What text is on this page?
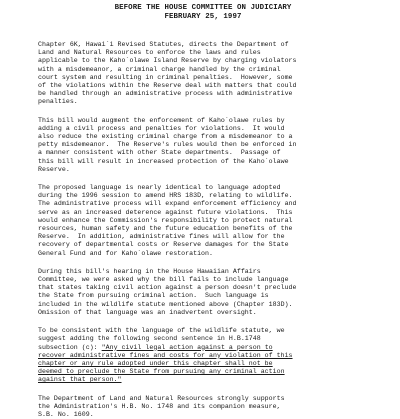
BEFORE THE HOUSE COMMITTEE ON JUDICIARY
FEBRUARY 25, 1997

Chapter 6K, Hawai`i Revised Statutes, directs the Department of
Land and Natural Resources to enforce the laws and rules
applicable to the Kaho`olawe Island Reserve by charging violators
with a misdemeanor, a criminal charge handled by the criminal
court system and resulting in criminal penalties.  However, some
of the violations within the Reserve deal with matters that could
be handled through an administrative process with administrative
penalties.

This bill would augment the enforcement of Kaho`olawe rules by
adding a civil process and penalties for violations.  It would
also reduce the existing criminal charge from a misdemeanor to a
petty misdemeanor.  The Reserve's rules would then be enforced in
a manner consistent with other State departments.  Passage of
this bill will result in increased protection of the Kaho`olawe
Reserve.

The proposed language is nearly identical to language adopted
during the 1996 session to amend HRS 183D, relating to wildlife.
The administrative process will expand enforcement efficiency and
serve as an increased deterence against future violations.  This
would enhance the Commission's responsibility to protect natural
resources, human safety and the future education benefits of the
Reserve.  In addition, administrative fines will allow for the
recovery of departmental costs or Reserve damages for the State
General Fund and for Kaho`olawe restoration.

During this bill's hearing in the House Hawaiian Affairs
Committee, we were asked why the bill fails to include language
that states taking civil action against a person doesn't preclude
the State from pursuing criminal action.  Such language is
included in the wildlife statute mentioned above (Chapter 183D).
Omission of that language was an inadvertent oversight.

To be consistent with the language of the wildlife statute, we
suggest adding the following second sentence in H.B.1748
subsection (c): "Any civil legal action against a person to
recover administrative fines and costs for any violation of this
chapter or any rule adopted under this chapter shall not be
deemed to preclude the State from pursuing any criminal action
against that person."

The Department of Land and Natural Resources strongly supports
the Administration's H.B. No. 1748 and its companion measure,
S.B. No. 1609.
